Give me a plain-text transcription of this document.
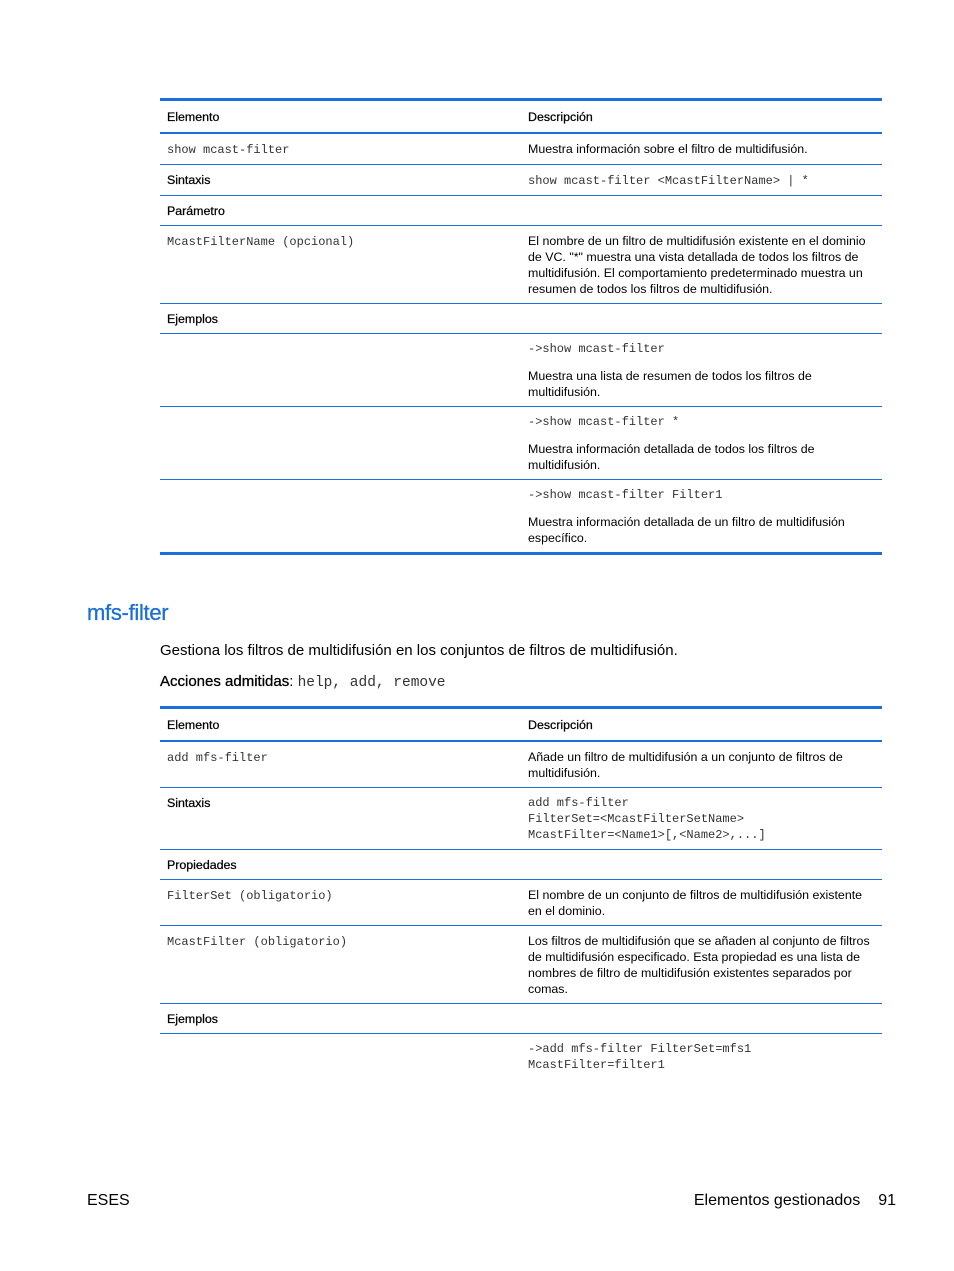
Elemento	Descripción
show mcast-filter	Muestra información sobre el filtro de multidifusión.
Sintaxis	show mcast-filter <McastFilterName> | *
Parámetro	
McastFilterName (opcional)	El nombre de un filtro de multidifusión existente en el dominio de VC. "*" muestra una vista detallada de todos los filtros de multidifusión. El comportamiento predeterminado muestra un resumen de todos los filtros de multidifusión.
Ejemplos	

	->show mcast-filter
Muestra una lista de resumen de todos los filtros de multidifusión.

	->show mcast-filter *
Muestra información detallada de todos los filtros de multidifusión.

	->show mcast-filter Filter1
Muestra información detallada de un filtro de multidifusión específico.
mfs-filter

Gestiona los filtros de multidifusión en los conjuntos de filtros de multidifusión.

Acciones admitidas: help, add, remove

Elemento	Descripción
add mfs-filter	Añade un filtro de multidifusión a un conjunto de filtros de multidifusión.
Sintaxis	add mfs-filter
FilterSet=<McastFilterSetName>
McastFilter=<Name1>[,<Name2>,...]

Propiedades	
FilterSet (obligatorio)	El nombre de un conjunto de filtros de multidifusión existente en el dominio.
McastFilter (obligatorio)	Los filtros de multidifusión que se añaden al conjunto de filtros de multidifusión especificado. Esta propiedad es una lista de nombres de filtro de multidifusión existentes separados por comas.
Ejemplos	

	->add mfs-filter FilterSet=mfs1
McastFilter=filter1
ESES	Elementos gestionados 91
